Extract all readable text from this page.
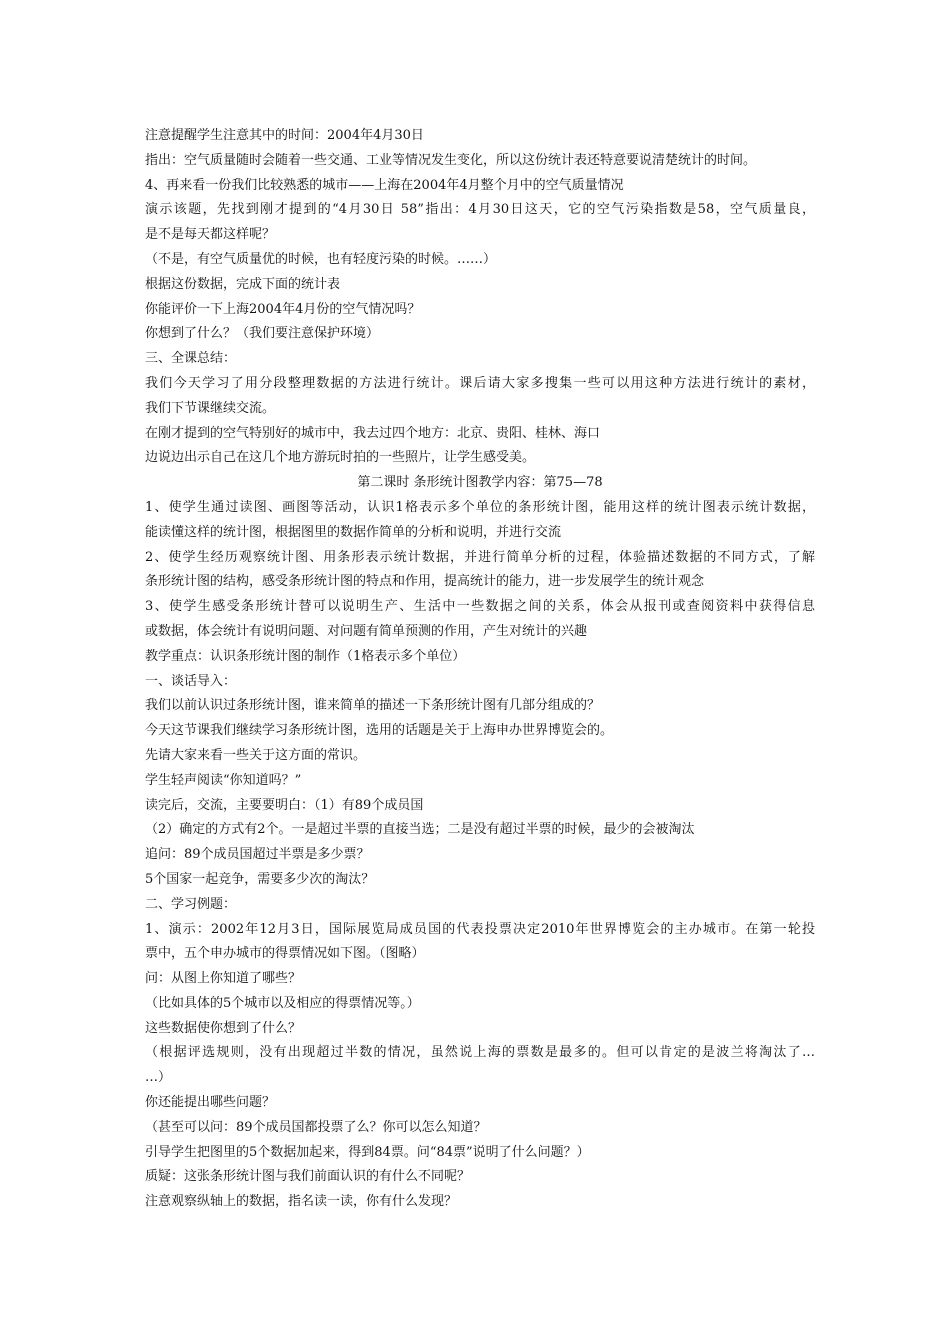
注意提醒学生注意其中的时间：2004年4月30日
指出：空气质量随时会随着一些交通、工业等情况发生变化，所以这份统计表还特意要说清楚统计的时间。
4、再来看一份我们比较熟悉的城市——上海在2004年4月整个月中的空气质量情况
演示该题，先找到刚才提到的“4月30日 58”指出：4月30日这天，它的空气污染指数是58，空气质量良，
是不是每天都这样呢？
（不是，有空气质量优的时候，也有轻度污染的时候。……）
根据这份数据，完成下面的统计表
你能评价一下上海2004年4月份的空气情况吗？
你想到了什么？（我们要注意保护环境）
三、全课总结：
我们今天学习了用分段整理数据的方法进行统计。课后请大家多搜集一些可以用这种方法进行统计的素材，
我们下节课继续交流。
在刚才提到的空气特别好的城市中，我去过四个地方：北京、贵阳、桂林、海口
边说边出示自己在这几个地方游玩时拍的一些照片，让学生感受美。
第二课时 条形统计图教学内容：第75—78
1、使学生通过读图、画图等活动，认识1格表示多个单位的条形统计图，能用这样的统计图表示统计数据，
能读懂这样的统计图，根据图里的数据作简单的分析和说明，并进行交流
2、使学生经历观察统计图、用条形表示统计数据，并进行简单分析的过程，体验描述数据的不同方式，了解
条形统计图的结构，感受条形统计图的特点和作用，提高统计的能力，进一步发展学生的统计观念
3、使学生感受条形统计替可以说明生产、生活中一些数据之间的关系，体会从报刊或查阅资料中获得信息
或数据，体会统计有说明问题、对问题有简单预测的作用，产生对统计的兴趣
教学重点：认识条形统计图的制作（1格表示多个单位）
一、谈话导入：
我们以前认识过条形统计图，谁来简单的描述一下条形统计图有几部分组成的？
今天这节课我们继续学习条形统计图，选用的话题是关于上海申办世界博览会的。
先请大家来看一些关于这方面的常识。
学生轻声阅读“你知道吗？”
读完后，交流，主要要明白：（1）有89个成员国
（2）确定的方式有2个。一是超过半票的直接当选；二是没有超过半票的时候，最少的会被淘汰
追问：89个成员国超过半票是多少票？
5个国家一起竞争，需要多少次的淘汰？
二、学习例题：
1、演示：2002年12月3日，国际展览局成员国的代表投票决定2010年世界博览会的主办城市。在第一轮投
票中，五个申办城市的得票情况如下图。（图略）
问：从图上你知道了哪些？
（比如具体的5个城市以及相应的得票情况等。）
这些数据使你想到了什么？
（根据评选规则，没有出现超过半数的情况，虽然说上海的票数是最多的。但可以肯定的是波兰将淘汰了…
…）
你还能提出哪些问题？
（甚至可以问：89个成员国都投票了么？你可以怎么知道？
引导学生把图里的5个数据加起来，得到84票。问“84票”说明了什么问题？）
质疑：这张条形统计图与我们前面认识的有什么不同呢？
注意观察纵轴上的数据，指名读一读，你有什么发现？
